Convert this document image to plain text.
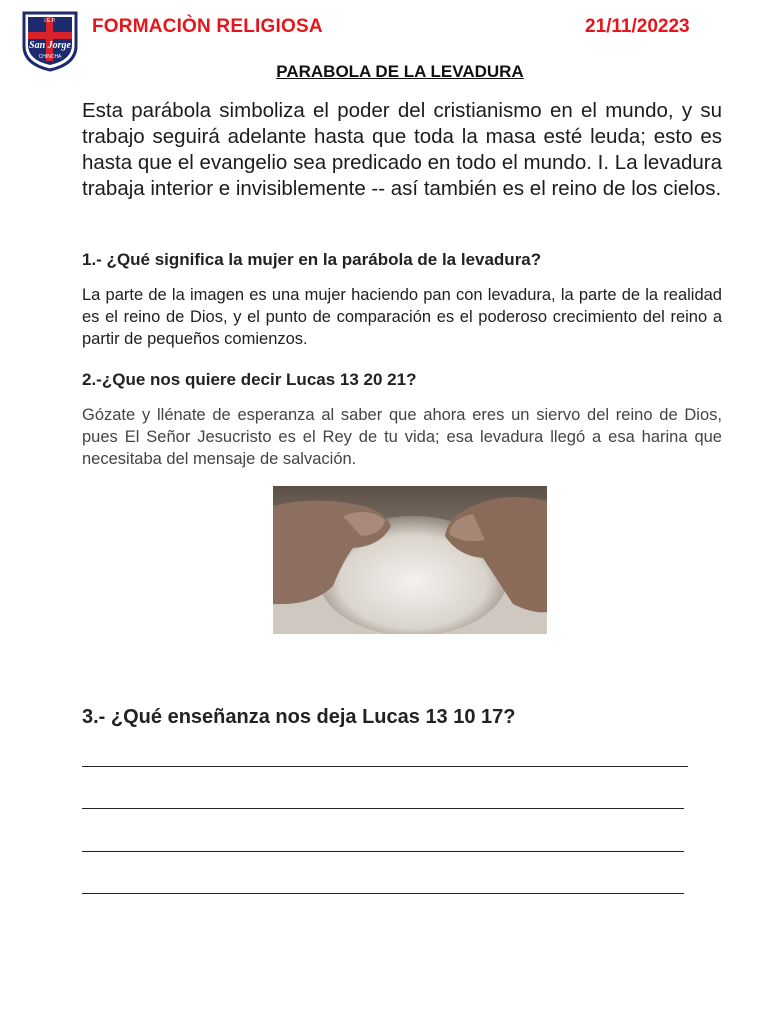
I.E.P.
San Jorge
CHINCHA
FORMACIÒN RELIGIOSA	21/11/20223
PARABOLA DE LA LEVADURA
Esta parábola simboliza el poder del cristianismo en el mundo, y su trabajo seguirá adelante hasta que toda la masa esté leuda; esto es hasta que el evangelio sea predicado en todo el mundo. I. La levadura trabaja interior e invisiblemente -- así también es el reino de los cielos.
1.- ¿Qué significa la mujer en la parábola de la levadura?
La parte de la imagen es una mujer haciendo pan con levadura, la parte de la realidad es el reino de Dios, y el punto de comparación es el poderoso crecimiento del reino a partir de pequeños comienzos.
2.-¿Que nos quiere decir Lucas 13 20 21?
Gózate y llénate de esperanza al saber que ahora eres un siervo del reino de Dios, pues El Señor Jesucristo es el Rey de tu vida; esa levadura llegó a esa harina que necesitaba del mensaje de salvación.
3.- ¿Qué enseñanza nos deja Lucas 13 10 17?
